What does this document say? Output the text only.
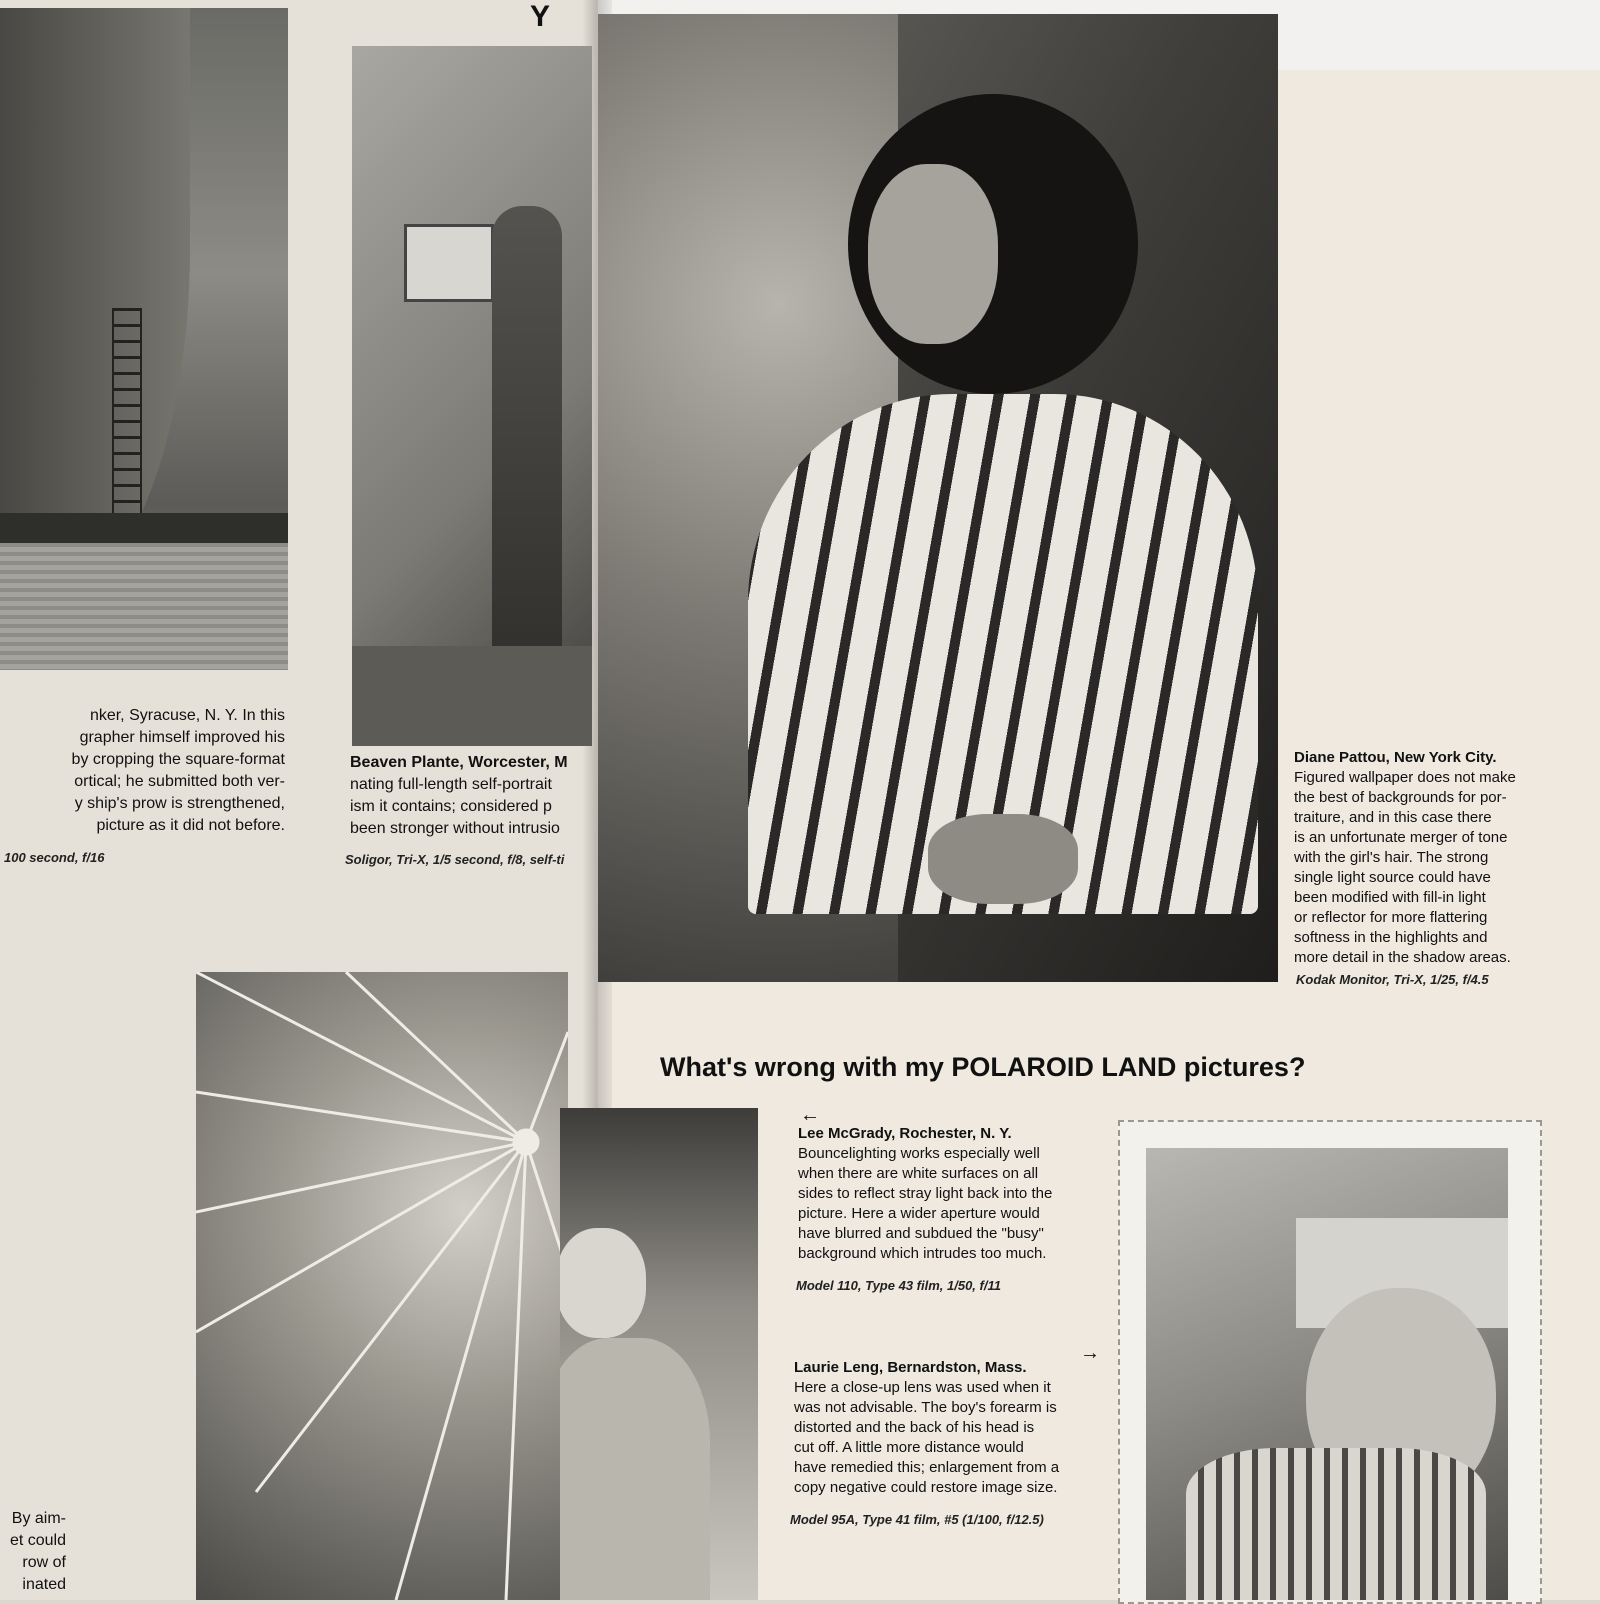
Y
nker, Syracuse, N. Y. In this
grapher himself improved his
by cropping the square-format
ortical; he submitted both ver-
y ship's prow is strengthened,
picture as it did not before.
100 second, f/16
Beaven Plante, Worcester, M
nating full-length self-portrait
ism it contains; considered p
been stronger without intrusio
Soligor, Tri-X, 1/5 second, f/8, self-ti
Diane Pattou, New York City.
Figured wallpaper does not make
the best of backgrounds for por-
traiture, and in this case there
is an unfortunate merger of tone
with the girl's hair. The strong
single light source could have
been modified with fill-in light
or reflector for more flattering
softness in the highlights and
more detail in the shadow areas.
Kodak Monitor, Tri-X, 1/25, f/4.5
What's wrong with my POLAROID LAND pictures?
←
Lee McGrady, Rochester, N. Y.
Bouncelighting works especially well
when there are white surfaces on all
sides to reflect stray light back into the
picture. Here a wider aperture would
have blurred and subdued the "busy"
background which intrudes too much.
Model 110, Type 43 film, 1/50, f/11
→
Laurie Leng, Bernardston, Mass.
Here a close-up lens was used when it
was not advisable. The boy's forearm is
distorted and the back of his head is
cut off. A little more distance would
have remedied this; enlargement from a
copy negative could restore image size.
Model 95A, Type 41 film, #5 (1/100, f/12.5)
By aim-
et could
row of
inated
